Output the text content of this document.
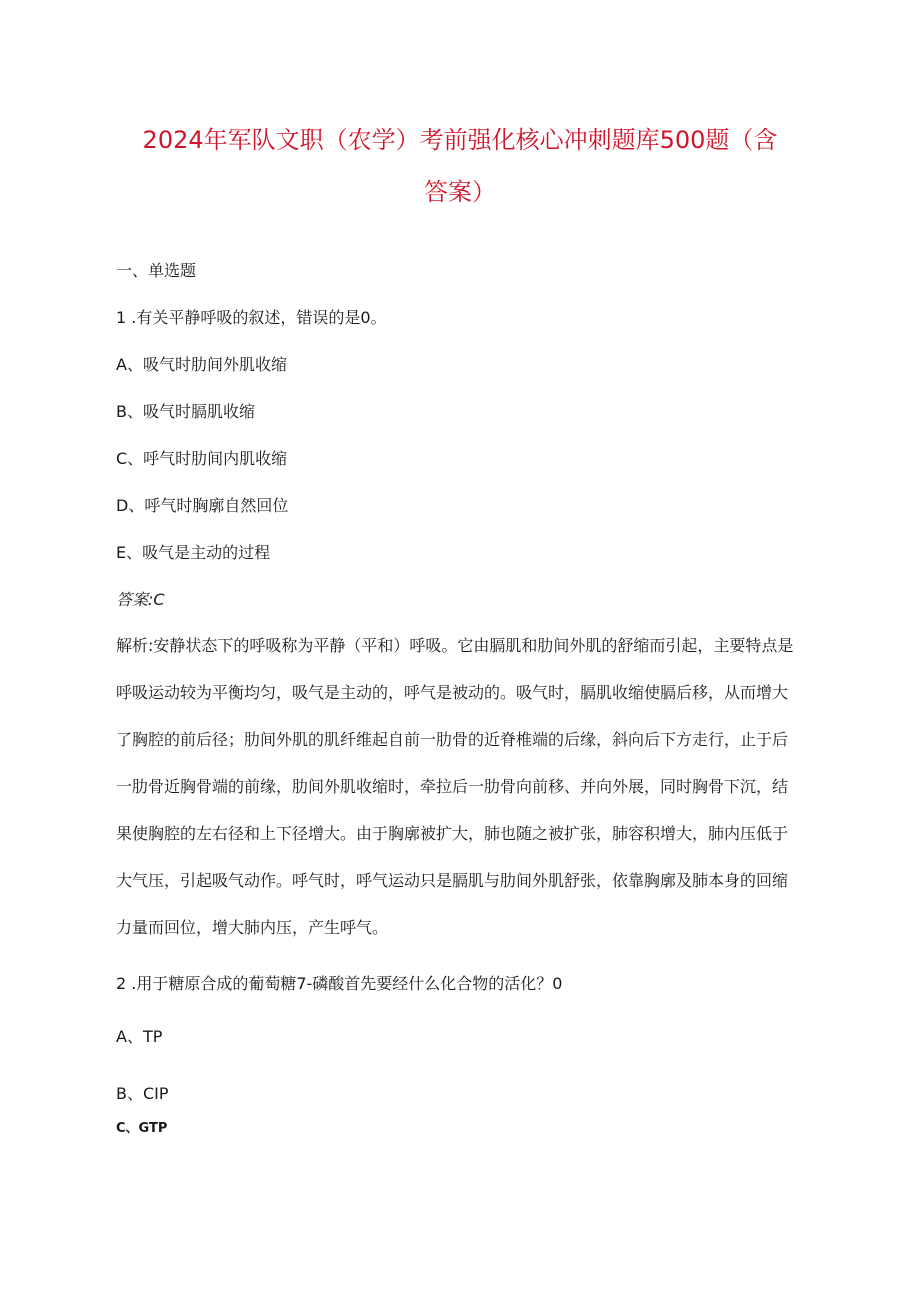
2024年军队文职（农学）考前强化核心冲刺题库500题（含
答案）
一、单选题
1 .有关平静呼吸的叙述，错误的是0。
A、吸气时肋间外肌收缩
B、吸气时膈肌收缩
C、呼气时肋间内肌收缩
D、呼气时胸廓自然回位
E、吸气是主动的过程
答案:C
解析:安静状态下的呼吸称为平静（平和）呼吸。它由膈肌和肋间外肌的舒缩而引起，主要特点是
呼吸运动较为平衡均匀，吸气是主动的，呼气是被动的。吸气时，膈肌收缩使膈后移，从而增大
了胸腔的前后径；肋间外肌的肌纤维起自前一肋骨的近脊椎端的后缘，斜向后下方走行，止于后
一肋骨近胸骨端的前缘，肋间外肌收缩时，牵拉后一肋骨向前移、并向外展，同时胸骨下沉，结
果使胸腔的左右径和上下径增大。由于胸廓被扩大，肺也随之被扩张，肺容积增大，肺内压低于
大气压，引起吸气动作。呼气时，呼气运动只是膈肌与肋间外肌舒张，依靠胸廓及肺本身的回缩
力量而回位，增大肺内压，产生呼气。
2 .用于糖原合成的葡萄糖7-磷酸首先要经什么化合物的活化？0
A、TP
B、CIP
C、GTP
